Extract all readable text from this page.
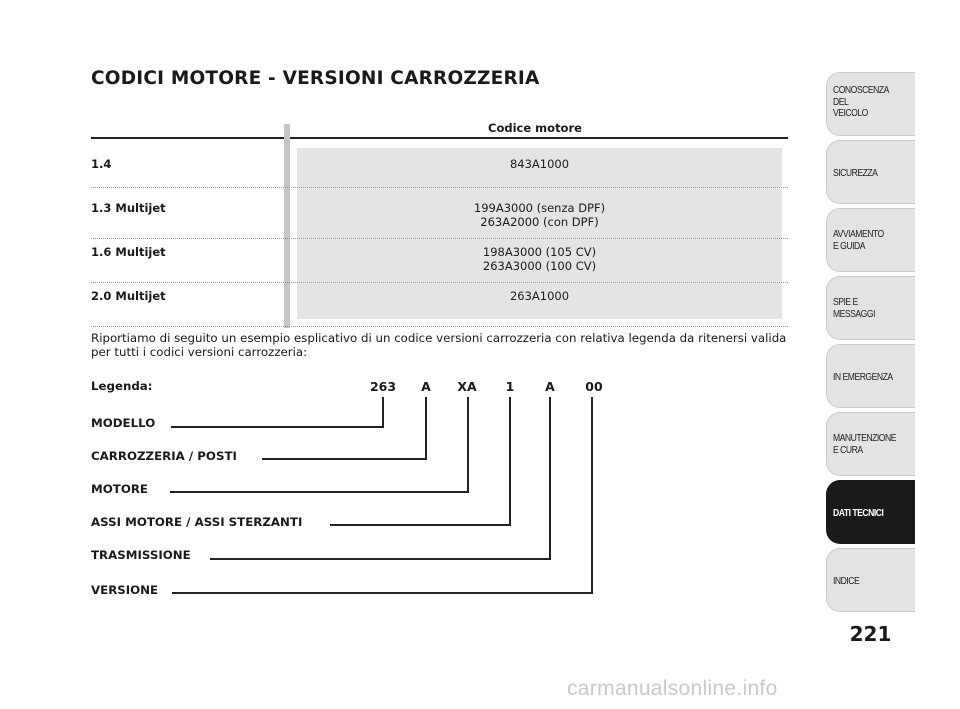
CODICI MOTORE - VERSIONI CARROZZERIA
Codice motore
1.4	843A1000
1.3 Multijet	199A3000 (senza DPF)
263A2000 (con DPF)
1.6 Multijet	198A3000 (105 CV)
263A3000 (100 CV)
2.0 Multijet	263A1000
Riportiamo di seguito un esempio esplicativo di un codice versioni carrozzeria con relativa legenda da ritenersi valida per tutti i codici versioni carrozzeria:
Legenda:	263	A	XA	1	A	00
MODELLO
CARROZZERIA / POSTI
MOTORE
ASSI MOTORE / ASSI STERZANTI
TRASMISSIONE
VERSIONE
CONOSCENZA
DEL
VEICOLO
SICUREZZA
AVVIAMENTO
E GUIDA
SPIE E
MESSAGGI
IN EMERGENZA
MANUTENZIONE
E CURA
DATI TECNICI
INDICE
221
carmanualsonline.info
